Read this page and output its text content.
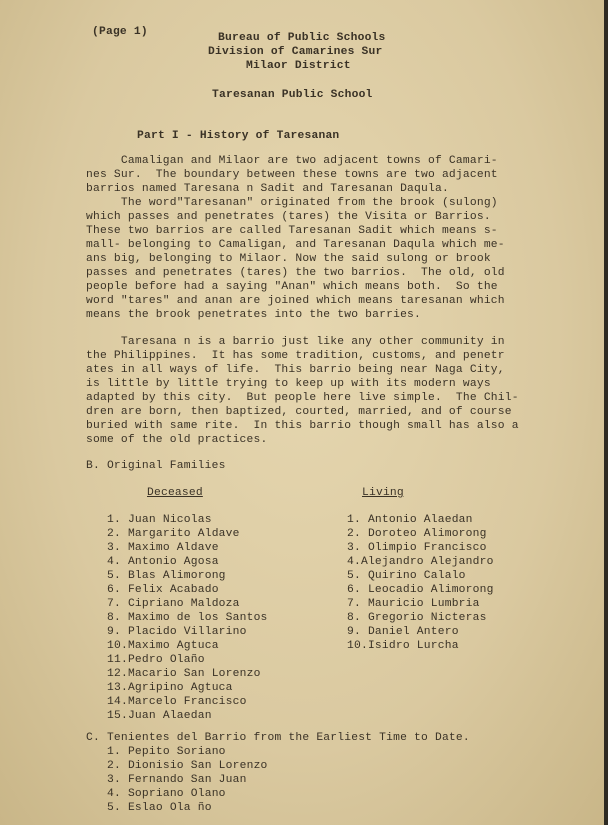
(Page 1)	Bureau of Public Schools
Division of Camarines Sur
Milaor District
Taresanan Public School
Part I - History of Taresanan
Camaligan and Milaor are two adjacent towns of Camari-
nes Sur.  The boundary between these towns are two adjacent
barrios named Taresana n Sadit and Taresanan Daqula.
The word"Taresanan" originated from the brook (sulong)
which passes and penetrates (tares) the Visita or Barrios.
These two barrios are called Taresanan Sadit which means s-
mall- belonging to Camaligan, and Taresanan Daqula which me-
ans big, belonging to Milaor. Now the said sulong or brook
passes and penetrates (tares) the two barrios.  The old, old
people before had a saying "Anan" which means both.  So the
word "tares" and anan are joined which means taresanan which
means the brook penetrates into the two barries.
Taresana n is a barrio just like any other community in
the Philippines.  It has some tradition, customs, and penetr
ates in all ways of life.  This barrio being near Naga City,
is little by little trying to keep up with its modern ways
adapted by this city.  But people here live simple.  The Chil-
dren are born, then baptized, courted, married, and of course
buried with same rite.  In this barrio though small has also a
some of the old practices.
B. Original Families
Deceased	Living
1. Juan Nicolas
2. Margarito Aldave
3. Maximo Aldave
4. Antonio Agosa
5. Blas Alimorong
6. Felix Acabado
7. Cipriano Maldoza
8. Maximo de los Santos
9. Placido Villarino
10.Maximo Agtuca
11.Pedro Olaño
12.Macario San Lorenzo
13.Agripino Agtuca
14.Marcelo Francisco
15.Juan Alaedan
1. Antonio Alaedan
2. Doroteo Alimorong
3. Olimpio Francisco
4.Alejandro Alejandro
5. Quirino Calalo
6. Leocadio Alimorong
7. Mauricio Lumbria
8. Gregorio Nicteras
9. Daniel Antero
10.Isidro Lurcha
C. Tenientes del Barrio from the Earliest Time to Date.
1. Pepito Soriano
2. Dionisio San Lorenzo
3. Fernando San Juan
4. Sopriano Olano
5. Eslao Ola ño
